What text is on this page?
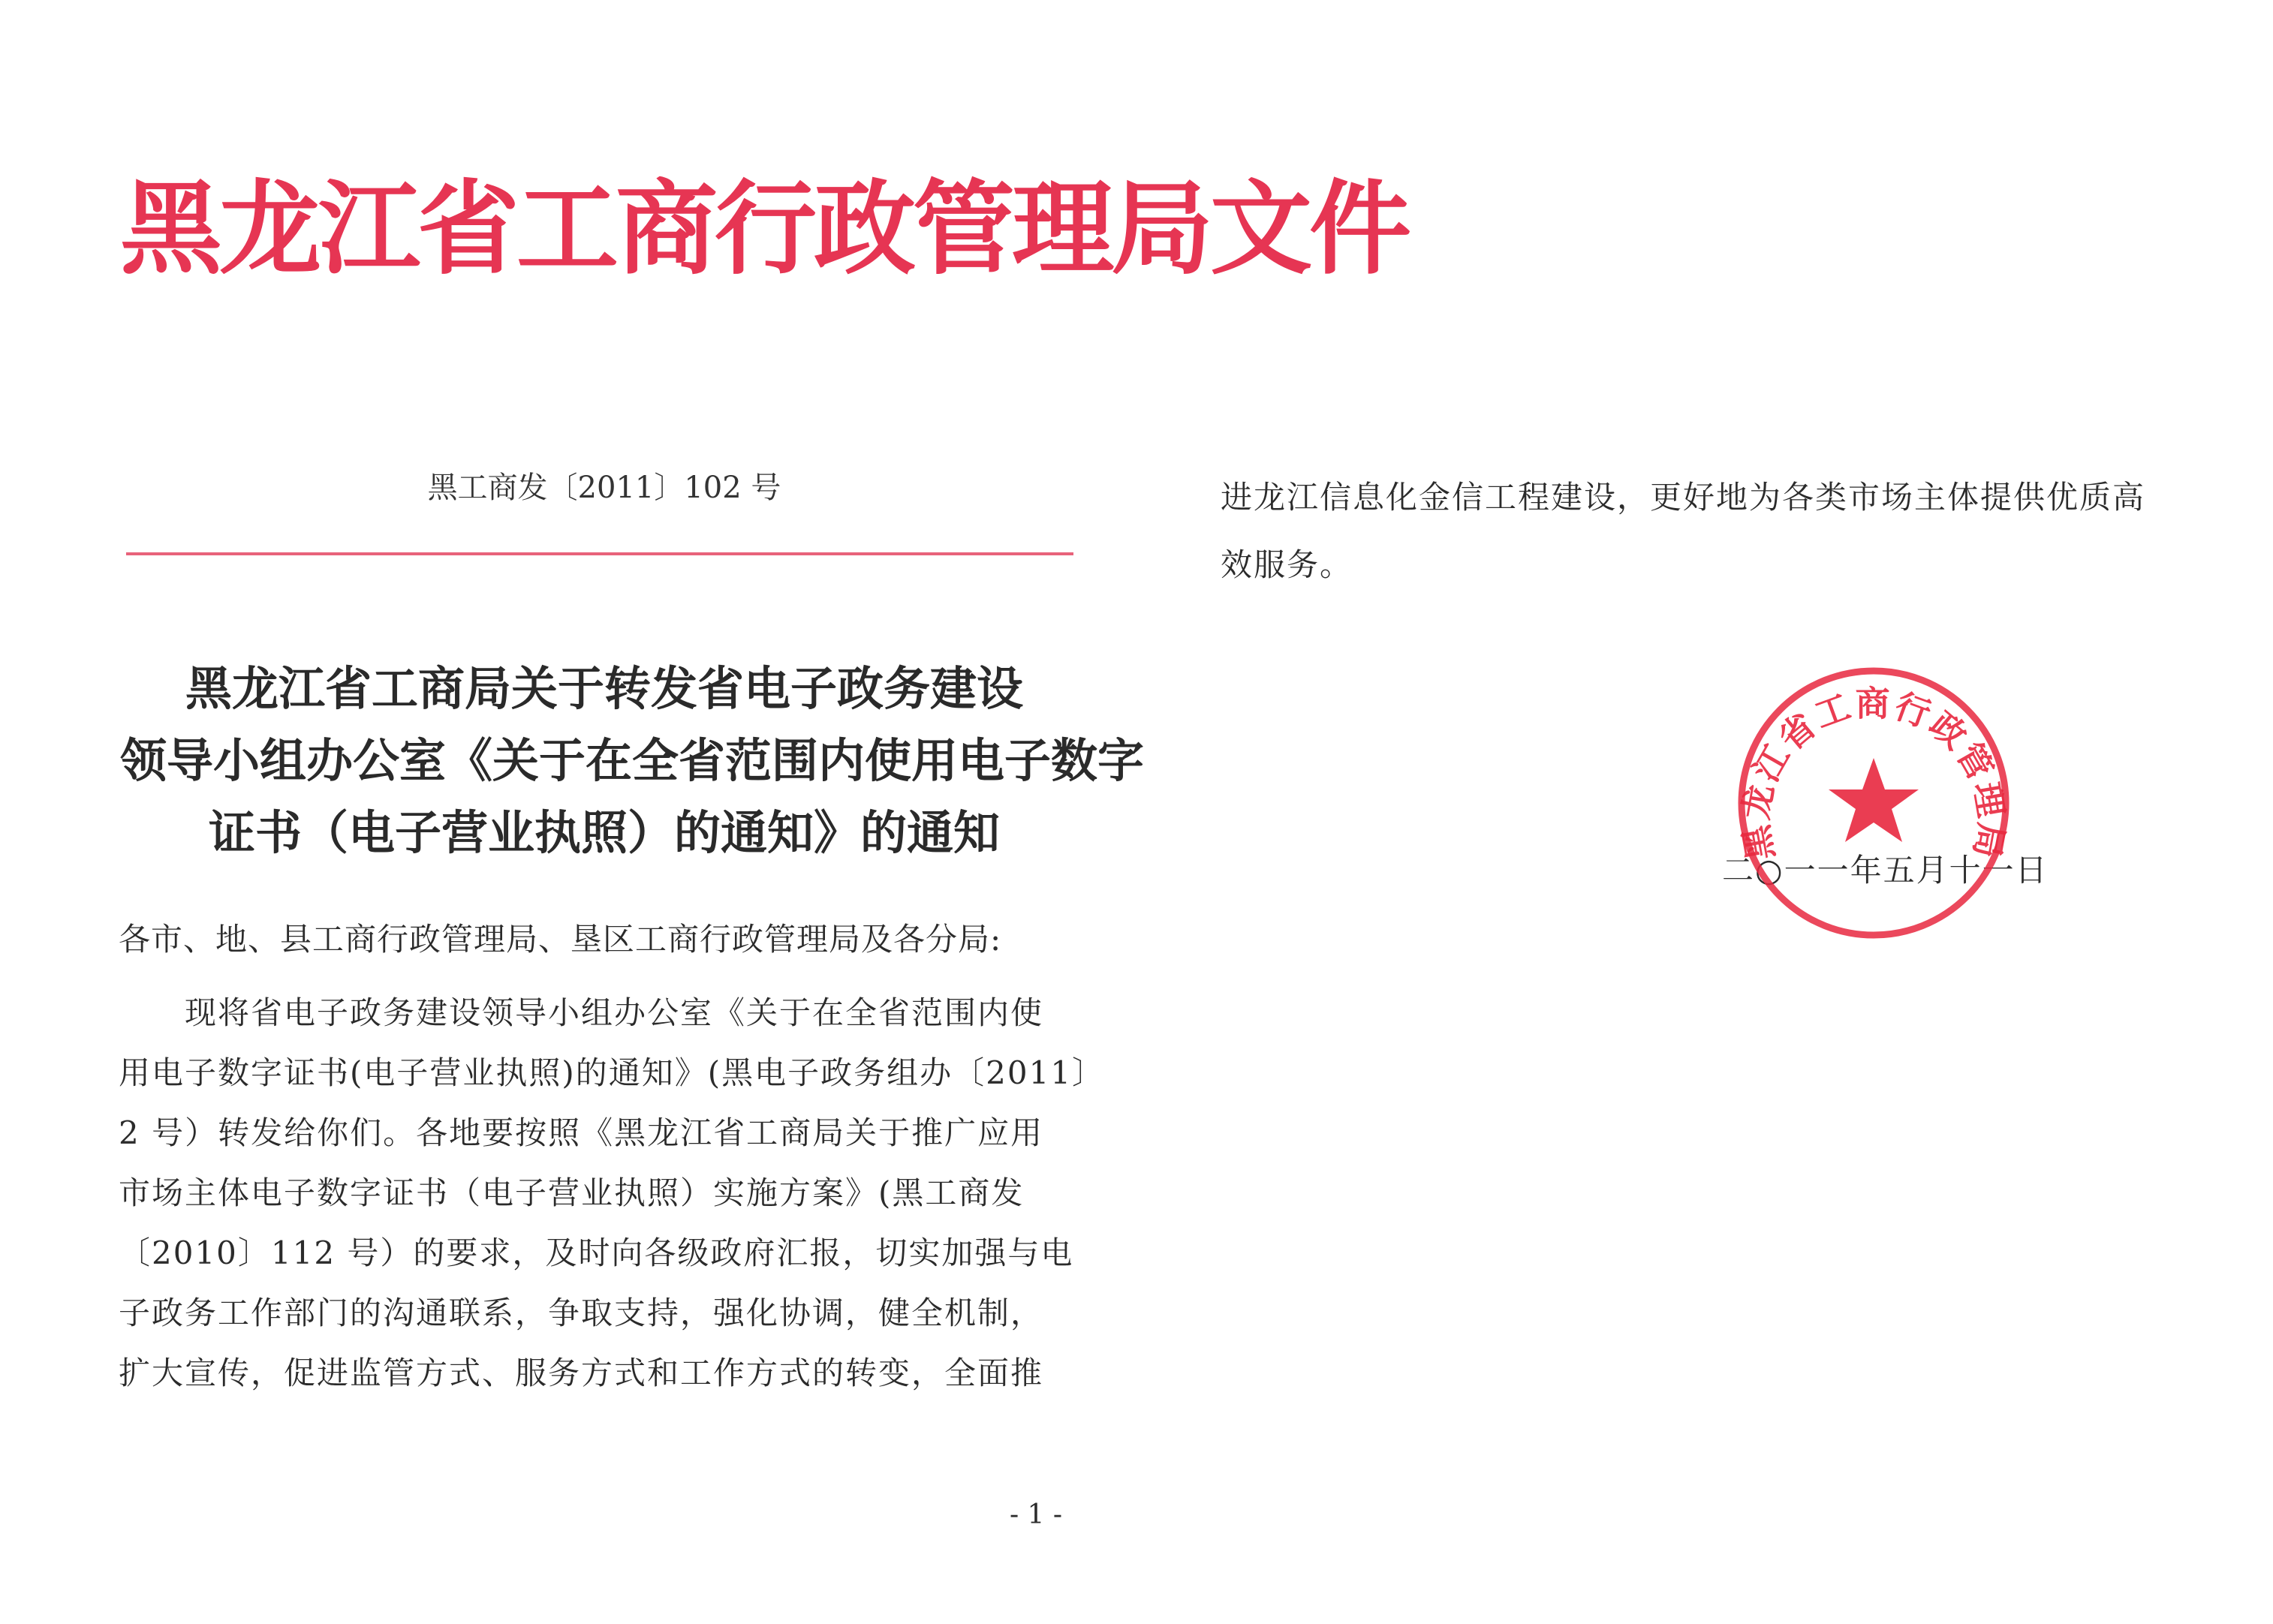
黑龙江省工商行政管理局文件
黑工商发〔2011〕102 号
黑龙江省工商局关于转发省电子政务建设
领导小组办公室《关于在全省范围内使用电子数字
证书（电子营业执照）的通知》的通知
各市、地、县工商行政管理局、垦区工商行政管理局及各分局:
　　现将省电子政务建设领导小组办公室《关于在全省范围内使
用电子数字证书(电子营业执照)的通知》(黑电子政务组办〔2011〕
2 号）转发给你们。各地要按照《黑龙江省工商局关于推广应用
市场主体电子数字证书（电子营业执照）实施方案》(黑工商发
〔2010〕112 号）的要求，及时向各级政府汇报，切实加强与电
子政务工作部门的沟通联系，争取支持，强化协调，健全机制，
扩大宣传，促进监管方式、服务方式和工作方式的转变，全面推
- 1 -
进龙江信息化金信工程建设，更好地为各类市场主体提供优质高
效服务。
二○一一年五月十一日
黑龙江省工商行政管理局
